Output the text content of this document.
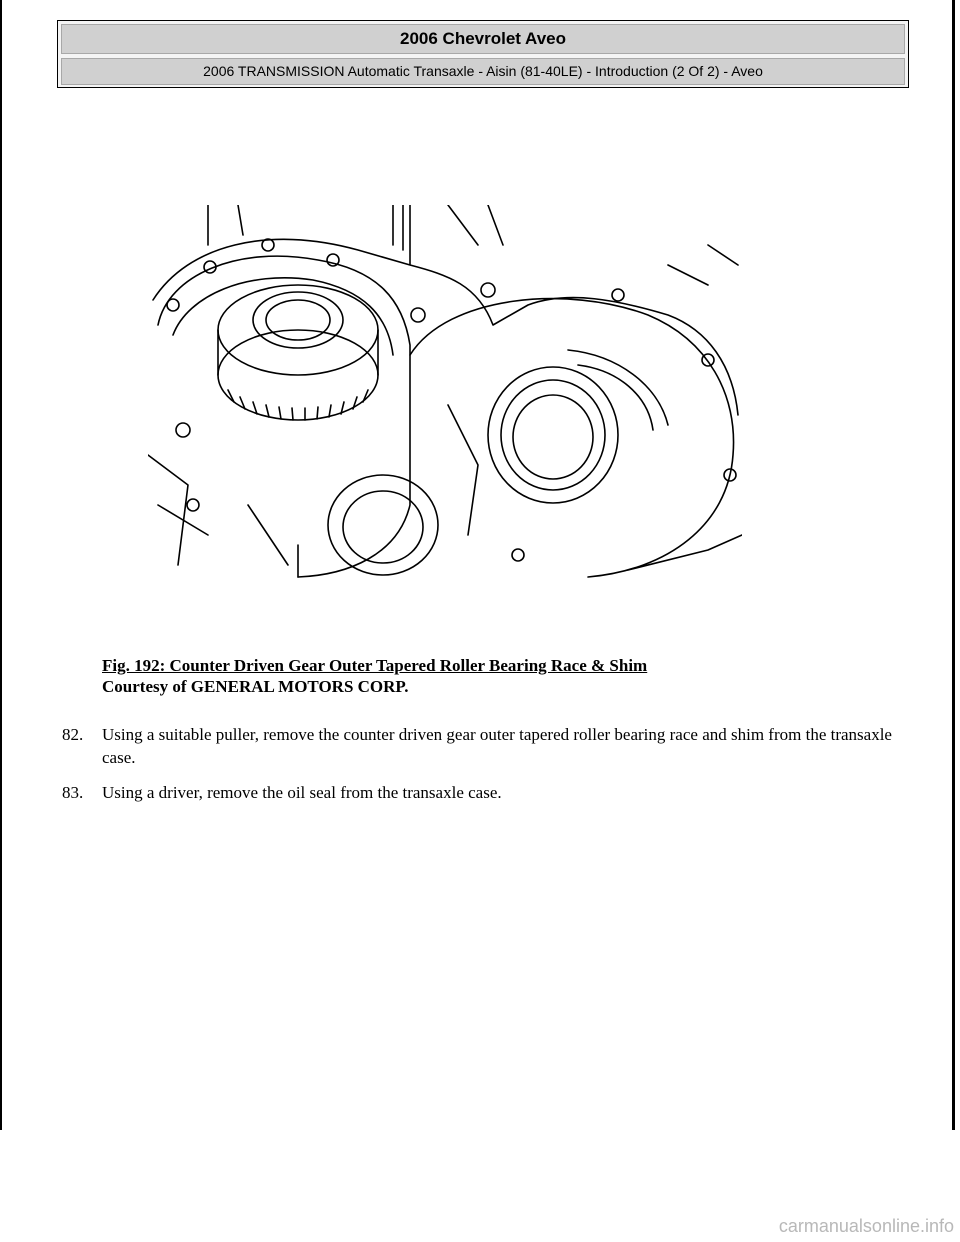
2006 Chevrolet Aveo
2006 TRANSMISSION Automatic Transaxle - Aisin (81-40LE) - Introduction (2 Of 2) - Aveo
Fig. 192: Counter Driven Gear Outer Tapered Roller Bearing Race & Shim
Courtesy of GENERAL MOTORS CORP.
82.	Using a suitable puller, remove the counter driven gear outer tapered roller bearing race and shim from the transaxle case.
83.	Using a driver, remove the oil seal from the transaxle case.
carmanualsonline.info
